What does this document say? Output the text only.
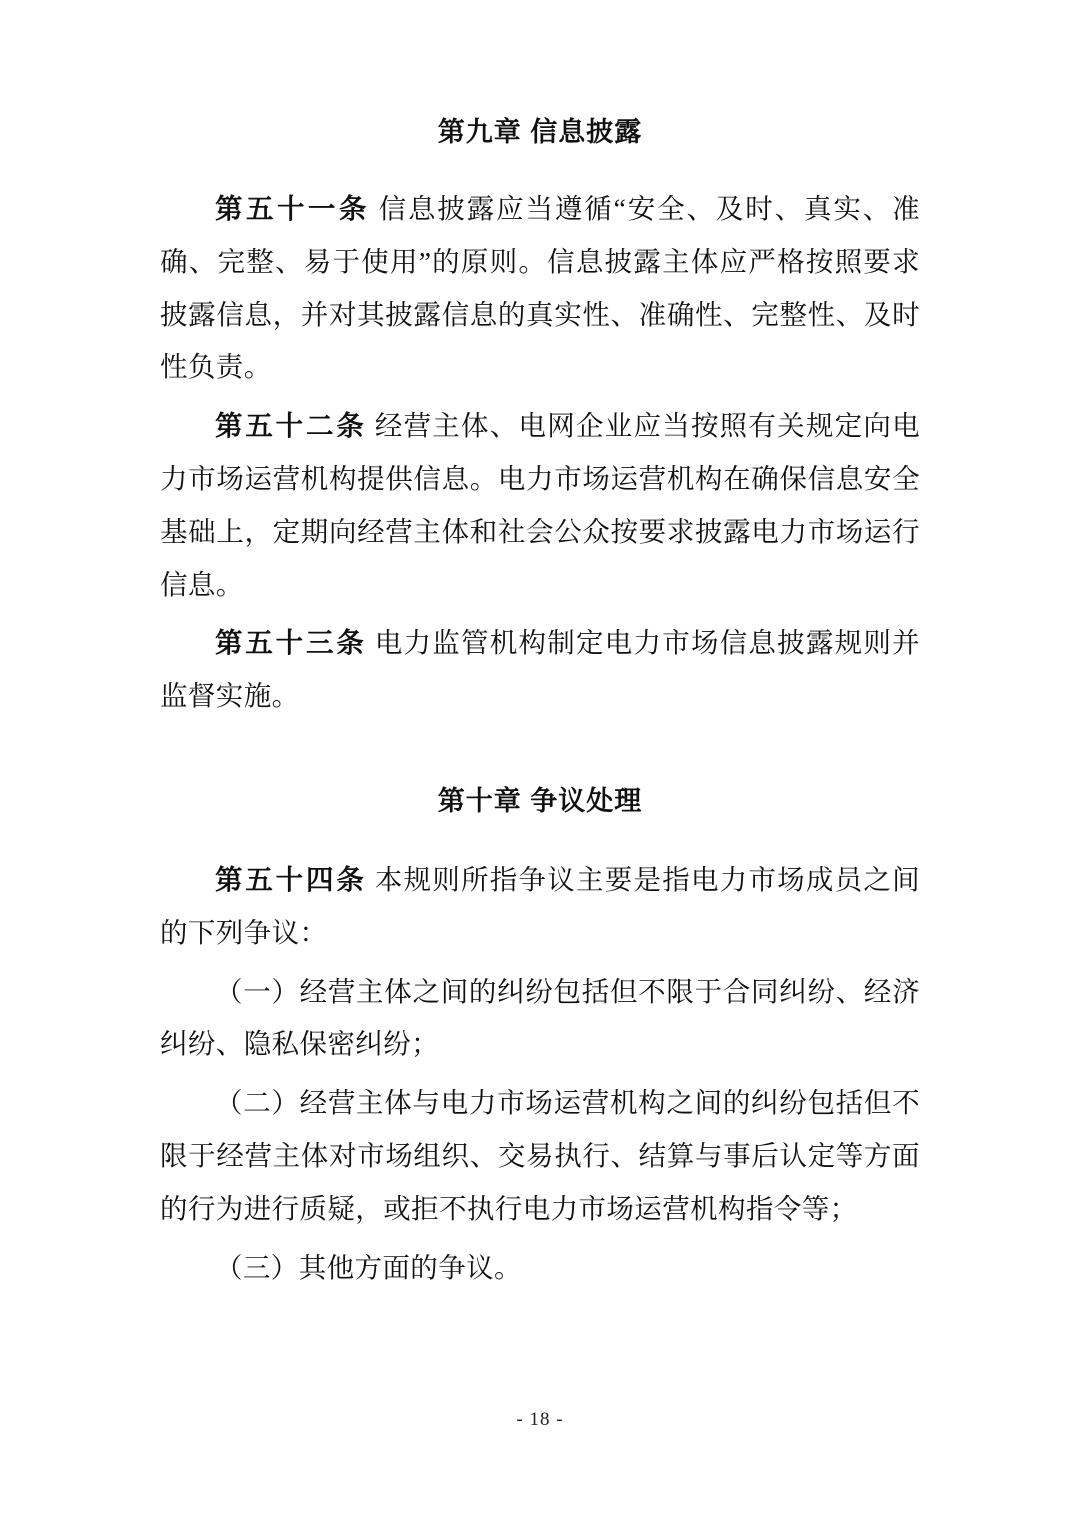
第九章 信息披露

第五十一条 信息披露应当遵循“安全、及时、真实、准确、完整、易于使用”的原则。信息披露主体应严格按照要求披露信息，并对其披露信息的真实性、准确性、完整性、及时性负责。

第五十二条 经营主体、电网企业应当按照有关规定向电力市场运营机构提供信息。电力市场运营机构在确保信息安全基础上，定期向经营主体和社会公众按要求披露电力市场运行信息。

第五十三条 电力监管机构制定电力市场信息披露规则并监督实施。

第十章 争议处理

第五十四条 本规则所指争议主要是指电力市场成员之间的下列争议：

（一）经营主体之间的纠纷包括但不限于合同纠纷、经济纠纷、隐私保密纠纷；

（二）经营主体与电力市场运营机构之间的纠纷包括但不限于经营主体对市场组织、交易执行、结算与事后认定等方面的行为进行质疑，或拒不执行电力市场运营机构指令等；

（三）其他方面的争议。

- 18 -
